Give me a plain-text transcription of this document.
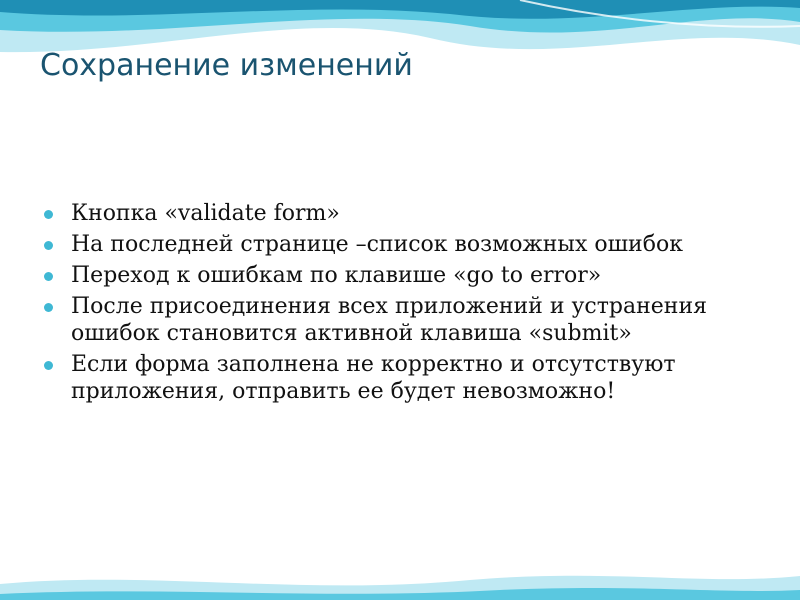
Сохранение изменений
Кнопка «validate form»
На последней странице –список возможных ошибок
Переход к ошибкам по клавише «go to error»
После присоединения всех приложений и устранения ошибок становится активной клавиша «submit»
Если форма заполнена не корректно и отсутствуют приложения, отправить ее будет невозможно!
